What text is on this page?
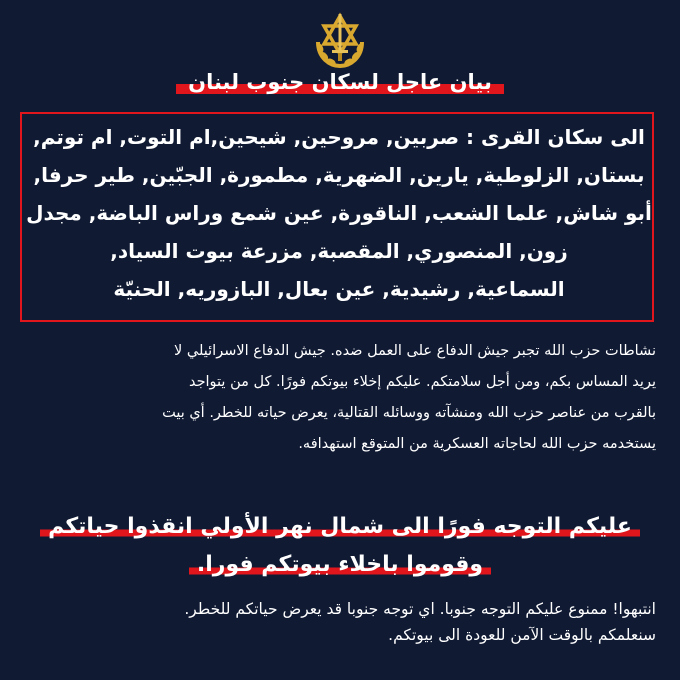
بيان عاجل لسكان جنوب لبنان
الى سكان القرى : صربين, مروحين, شيحين,ام التوت, ام توتم,
بستان, الزلوطية, يارين, الضهرية, مطمورة, الجبّين, طير حرفا,
أبو شاش, علما الشعب, الناقورة, عين شمع وراس الباضة, مجدل
زون, المنصوري, المقصبة, مزرعة بيوت السياد,
السماعية, رشيدية, عين بعال, البازوريه, الحنيّة
نشاطات حزب الله تجبر جيش الدفاع على العمل ضده. جيش الدفاع الاسرائيلي لا
يريد المساس بكم، ومن أجل سلامتكم. عليكم إخلاء بيوتكم فورًا. كل من يتواجد
بالقرب من عناصر حزب الله ومنشآته ووسائله القتالية، يعرض حياته للخطر. أي بيت
يستخدمه حزب الله لحاجاته العسكرية من المتوقع استهدافه.
عليكم التوجه فورًا الى شمال نهر الأولي انقذوا حياتكم
وقوموا باخلاء بيوتكم فورا.
انتبهوا! ممنوع عليكم التوجه جنوبا. اي توجه جنوبا قد يعرض حياتكم للخطر.
سنعلمكم بالوقت الآمن للعودة الى بيوتكم.
